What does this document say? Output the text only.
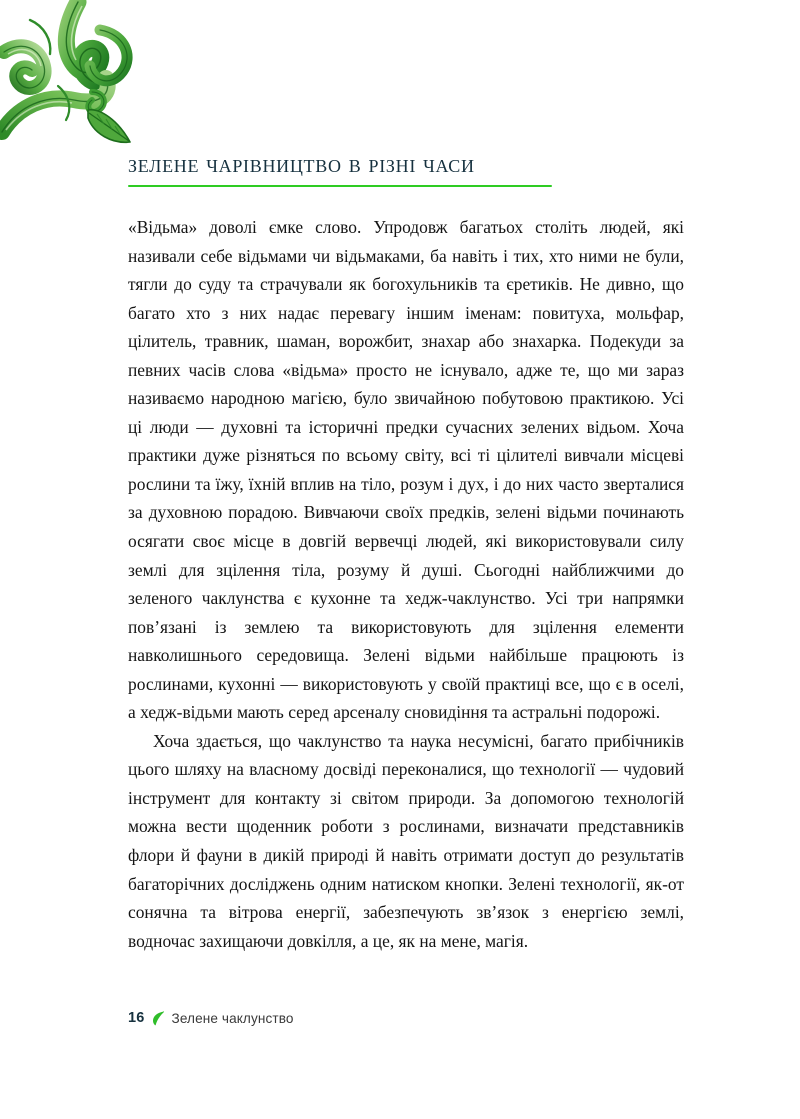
зелене чарівництво в різні часи

«Відьма» доволі ємке слово. Упродовж багатьох століть людей, які називали себе відьмами чи відьмаками, ба навіть і тих, хто ними не були, тягли до суду та страчували як богохульників та єретиків. Не дивно, що багато хто з них надає перевагу іншим іменам: повитуха, мольфар, цілитель, травник, шаман, ворожбит, знахар або знахарка. Подекуди за певних часів слова «відьма» просто не існувало, адже те, що ми зараз називаємо народною магією, було звичайною побутовою практикою. Усі ці люди — духовні та історичні предки сучасних зелених відьом. Хоча практики дуже різняться по всьому світу, всі ті цілителі вивчали місцеві рослини та їжу, їхній вплив на тіло, розум і дух, і до них часто зверталися за духовною порадою. Вивчаючи своїх предків, зелені відьми починають осягати своє місце в довгій вервечці людей, які використовували силу землі для зцілення тіла, розуму й душі. Сьогодні найближчими до зеленого чаклунства є кухонне та хедж-чаклунство. Усі три напрямки пов’язані із землею та використовують для зцілення елементи навколишнього середовища. Зелені відьми найбільше працюють із рослинами, кухонні — використовують у своїй практиці все, що є в оселі, а хедж-відьми мають серед арсеналу сновидіння та астральні подорожі.

Хоча здається, що чаклунство та наука несумісні, багато прибічників цього шляху на власному досвіді переконалися, що технології — чудовий інструмент для контакту зі світом природи. За допомогою технологій можна вести щоденник роботи з рослинами, визначати представників флори й фауни в дикій природі й навіть отримати доступ до результатів багаторічних досліджень одним натиском кнопки. Зелені технології, як-от сонячна та вітрова енергії, забезпечують зв’язок з енергією землі, водночас захищаючи довкілля, а це, як на мене, магія.

16 Зелене чаклунство
